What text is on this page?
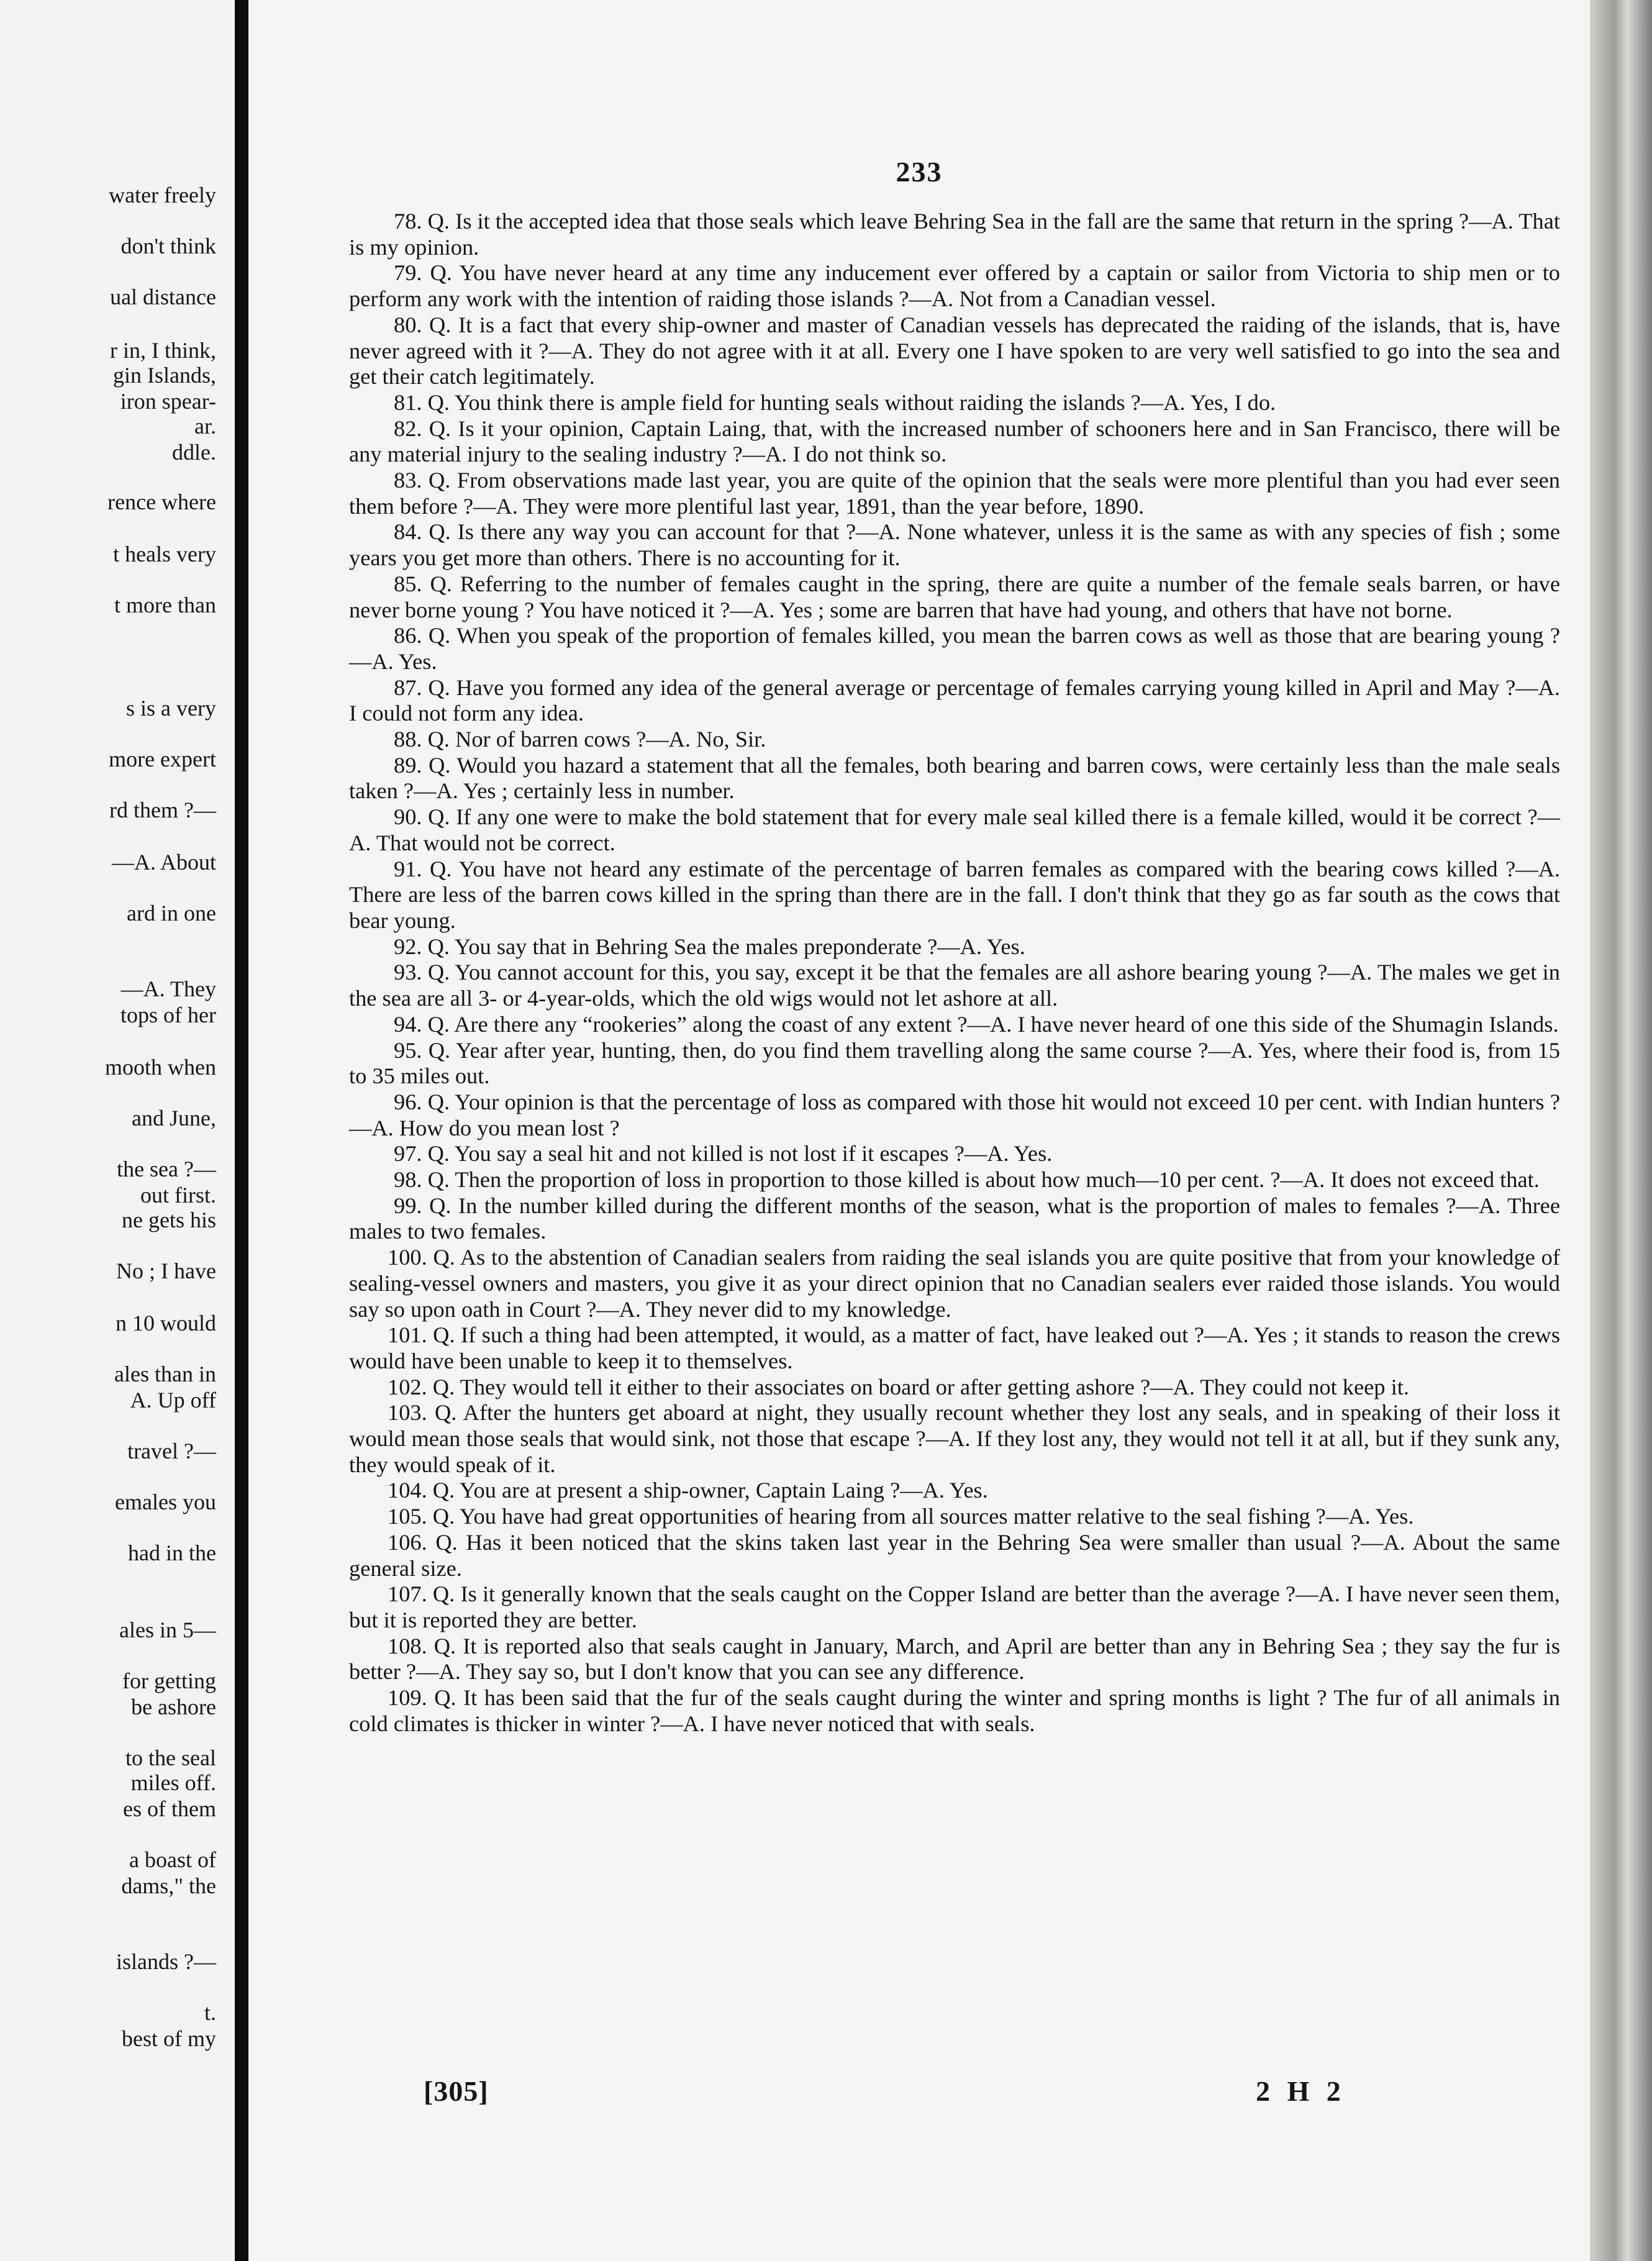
water freely
don't think
ual distance
r in, I think,
gin Islands,
iron spear-
ar.
ddle.
rence where
t heals very
t more than
s is a very
more expert
rd them ?—
—A. About
ard in one
—A. They
tops of her
mooth when
and June,
the sea ?—
out first.
ne gets his
No ; I have
n 10 would
ales than in
A. Up off
travel ?—
emales you
had in the
ales in 5—
for getting
be ashore
to the seal
miles off.
es of them
a boast of
dams," the
islands ?—
t.
best of my
233

78. Q. Is it the accepted idea that those seals which leave Behring Sea in the fall are the same that return in the spring ?—A. That is my opinion.

79. Q. You have never heard at any time any inducement ever offered by a captain or sailor from Victoria to ship men or to perform any work with the intention of raiding those islands ?—A. Not from a Canadian vessel.

80. Q. It is a fact that every ship-owner and master of Canadian vessels has deprecated the raiding of the islands, that is, have never agreed with it ?—A. They do not agree with it at all. Every one I have spoken to are very well satisfied to go into the sea and get their catch legitimately.

81. Q. You think there is ample field for hunting seals without raiding the islands ?—A. Yes, I do.

82. Q. Is it your opinion, Captain Laing, that, with the increased number of schooners here and in San Francisco, there will be any material injury to the sealing industry ?—A. I do not think so.

83. Q. From observations made last year, you are quite of the opinion that the seals were more plentiful than you had ever seen them before ?—A. They were more plentiful last year, 1891, than the year before, 1890.

84. Q. Is there any way you can account for that ?—A. None whatever, unless it is the same as with any species of fish ; some years you get more than others. There is no accounting for it.

85. Q. Referring to the number of females caught in the spring, there are quite a number of the female seals barren, or have never borne young ? You have noticed it ?—A. Yes ; some are barren that have had young, and others that have not borne.

86. Q. When you speak of the proportion of females killed, you mean the barren cows as well as those that are bearing young ?—A. Yes.

87. Q. Have you formed any idea of the general average or percentage of females carrying young killed in April and May ?—A. I could not form any idea.

88. Q. Nor of barren cows ?—A. No, Sir.

89. Q. Would you hazard a statement that all the females, both bearing and barren cows, were certainly less than the male seals taken ?—A. Yes ; certainly less in number.

90. Q. If any one were to make the bold statement that for every male seal killed there is a female killed, would it be correct ?—A. That would not be correct.

91. Q. You have not heard any estimate of the percentage of barren females as compared with the bearing cows killed ?—A. There are less of the barren cows killed in the spring than there are in the fall. I don't think that they go as far south as the cows that bear young.

92. Q. You say that in Behring Sea the males preponderate ?—A. Yes.

93. Q. You cannot account for this, you say, except it be that the females are all ashore bearing young ?—A. The males we get in the sea are all 3- or 4-year-olds, which the old wigs would not let ashore at all.

94. Q. Are there any “rookeries” along the coast of any extent ?—A. I have never heard of one this side of the Shumagin Islands.

95. Q. Year after year, hunting, then, do you find them travelling along the same course ?—A. Yes, where their food is, from 15 to 35 miles out.

96. Q. Your opinion is that the percentage of loss as compared with those hit would not exceed 10 per cent. with Indian hunters ?—A. How do you mean lost ?

97. Q. You say a seal hit and not killed is not lost if it escapes ?—A. Yes.

98. Q. Then the proportion of loss in proportion to those killed is about how much—10 per cent. ?—A. It does not exceed that.

99. Q. In the number killed during the different months of the season, what is the proportion of males to females ?—A. Three males to two females.

100. Q. As to the abstention of Canadian sealers from raiding the seal islands you are quite positive that from your knowledge of sealing-vessel owners and masters, you give it as your direct opinion that no Canadian sealers ever raided those islands. You would say so upon oath in Court ?—A. They never did to my knowledge.

101. Q. If such a thing had been attempted, it would, as a matter of fact, have leaked out ?—A. Yes ; it stands to reason the crews would have been unable to keep it to themselves.

102. Q. They would tell it either to their associates on board or after getting ashore ?—A. They could not keep it.

103. Q. After the hunters get aboard at night, they usually recount whether they lost any seals, and in speaking of their loss it would mean those seals that would sink, not those that escape ?—A. If they lost any, they would not tell it at all, but if they sunk any, they would speak of it.

104. Q. You are at present a ship-owner, Captain Laing ?—A. Yes.

105. Q. You have had great opportunities of hearing from all sources matter relative to the seal fishing ?—A. Yes.

106. Q. Has it been noticed that the skins taken last year in the Behring Sea were smaller than usual ?—A. About the same general size.

107. Q. Is it generally known that the seals caught on the Copper Island are better than the average ?—A. I have never seen them, but it is reported they are better.

108. Q. It is reported also that seals caught in January, March, and April are better than any in Behring Sea ; they say the fur is better ?—A. They say so, but I don't know that you can see any difference.

109. Q. It has been said that the fur of the seals caught during the winter and spring months is light ? The fur of all animals in cold climates is thicker in winter ?—A. I have never noticed that with seals.

[305]	2 H 2
